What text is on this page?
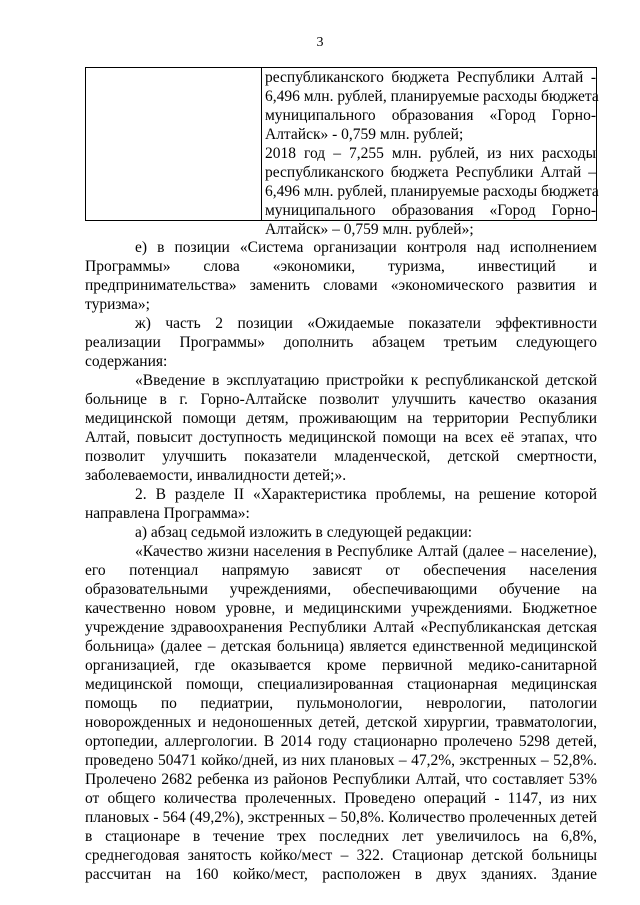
3
республиканского бюджета Республики Алтай -
6,496 млн. рублей, планируемые расходы бюджета
муниципального образования «Город Горно-
Алтайск» - 0,759 млн. рублей;
2018 год – 7,255 млн. рублей, из них расходы
республиканского бюджета Республики Алтай –
6,496 млн. рублей, планируемые расходы бюджета
муниципального образования «Город Горно-
Алтайск» – 0,759 млн. рублей»;
е) в позиции «Система организации контроля над исполнением
Программы» слова «экономики, туризма, инвестиций и
предпринимательства» заменить словами «экономического развития и
туризма»;
ж) часть 2 позиции «Ожидаемые показатели эффективности
реализации Программы» дополнить абзацем третьим следующего
содержания:
«Введение в эксплуатацию пристройки к республиканской детской
больнице в г. Горно-Алтайске позволит улучшить качество оказания
медицинской помощи детям, проживающим на территории Республики
Алтай, повысит доступность медицинской помощи на всех её этапах, что
позволит улучшить показатели младенческой, детской смертности,
заболеваемости, инвалидности детей;».
2. В разделе II «Характеристика проблемы, на решение которой
направлена Программа»:
а) абзац седьмой изложить в следующей редакции:
«Качество жизни населения в Республике Алтай (далее – население),
его потенциал напрямую зависят от обеспечения населения
образовательными учреждениями, обеспечивающими обучение на
качественно новом уровне, и медицинскими учреждениями. Бюджетное
учреждение здравоохранения Республики Алтай «Республиканская детская
больница» (далее – детская больница) является единственной медицинской
организацией, где оказывается кроме первичной медико-санитарной
медицинской помощи, специализированная стационарная медицинская
помощь по педиатрии, пульмонологии, неврологии, патологии
новорожденных и недоношенных детей, детской хирургии, травматологии,
ортопедии, аллергологии. В 2014 году стационарно пролечено 5298 детей,
проведено 50471 койко/дней, из них плановых – 47,2%, экстренных – 52,8%.
Пролечено 2682 ребенка из районов Республики Алтай, что составляет 53%
от общего количества пролеченных. Проведено операций - 1147, из них
плановых - 564 (49,2%), экстренных – 50,8%. Количество пролеченных детей
в стационаре в течение трех последних лет увеличилось на 6,8%,
среднегодовая занятость койко/мест – 322. Стационар детской больницы
рассчитан на 160 койко/мест, расположен в двух зданиях. Здание
